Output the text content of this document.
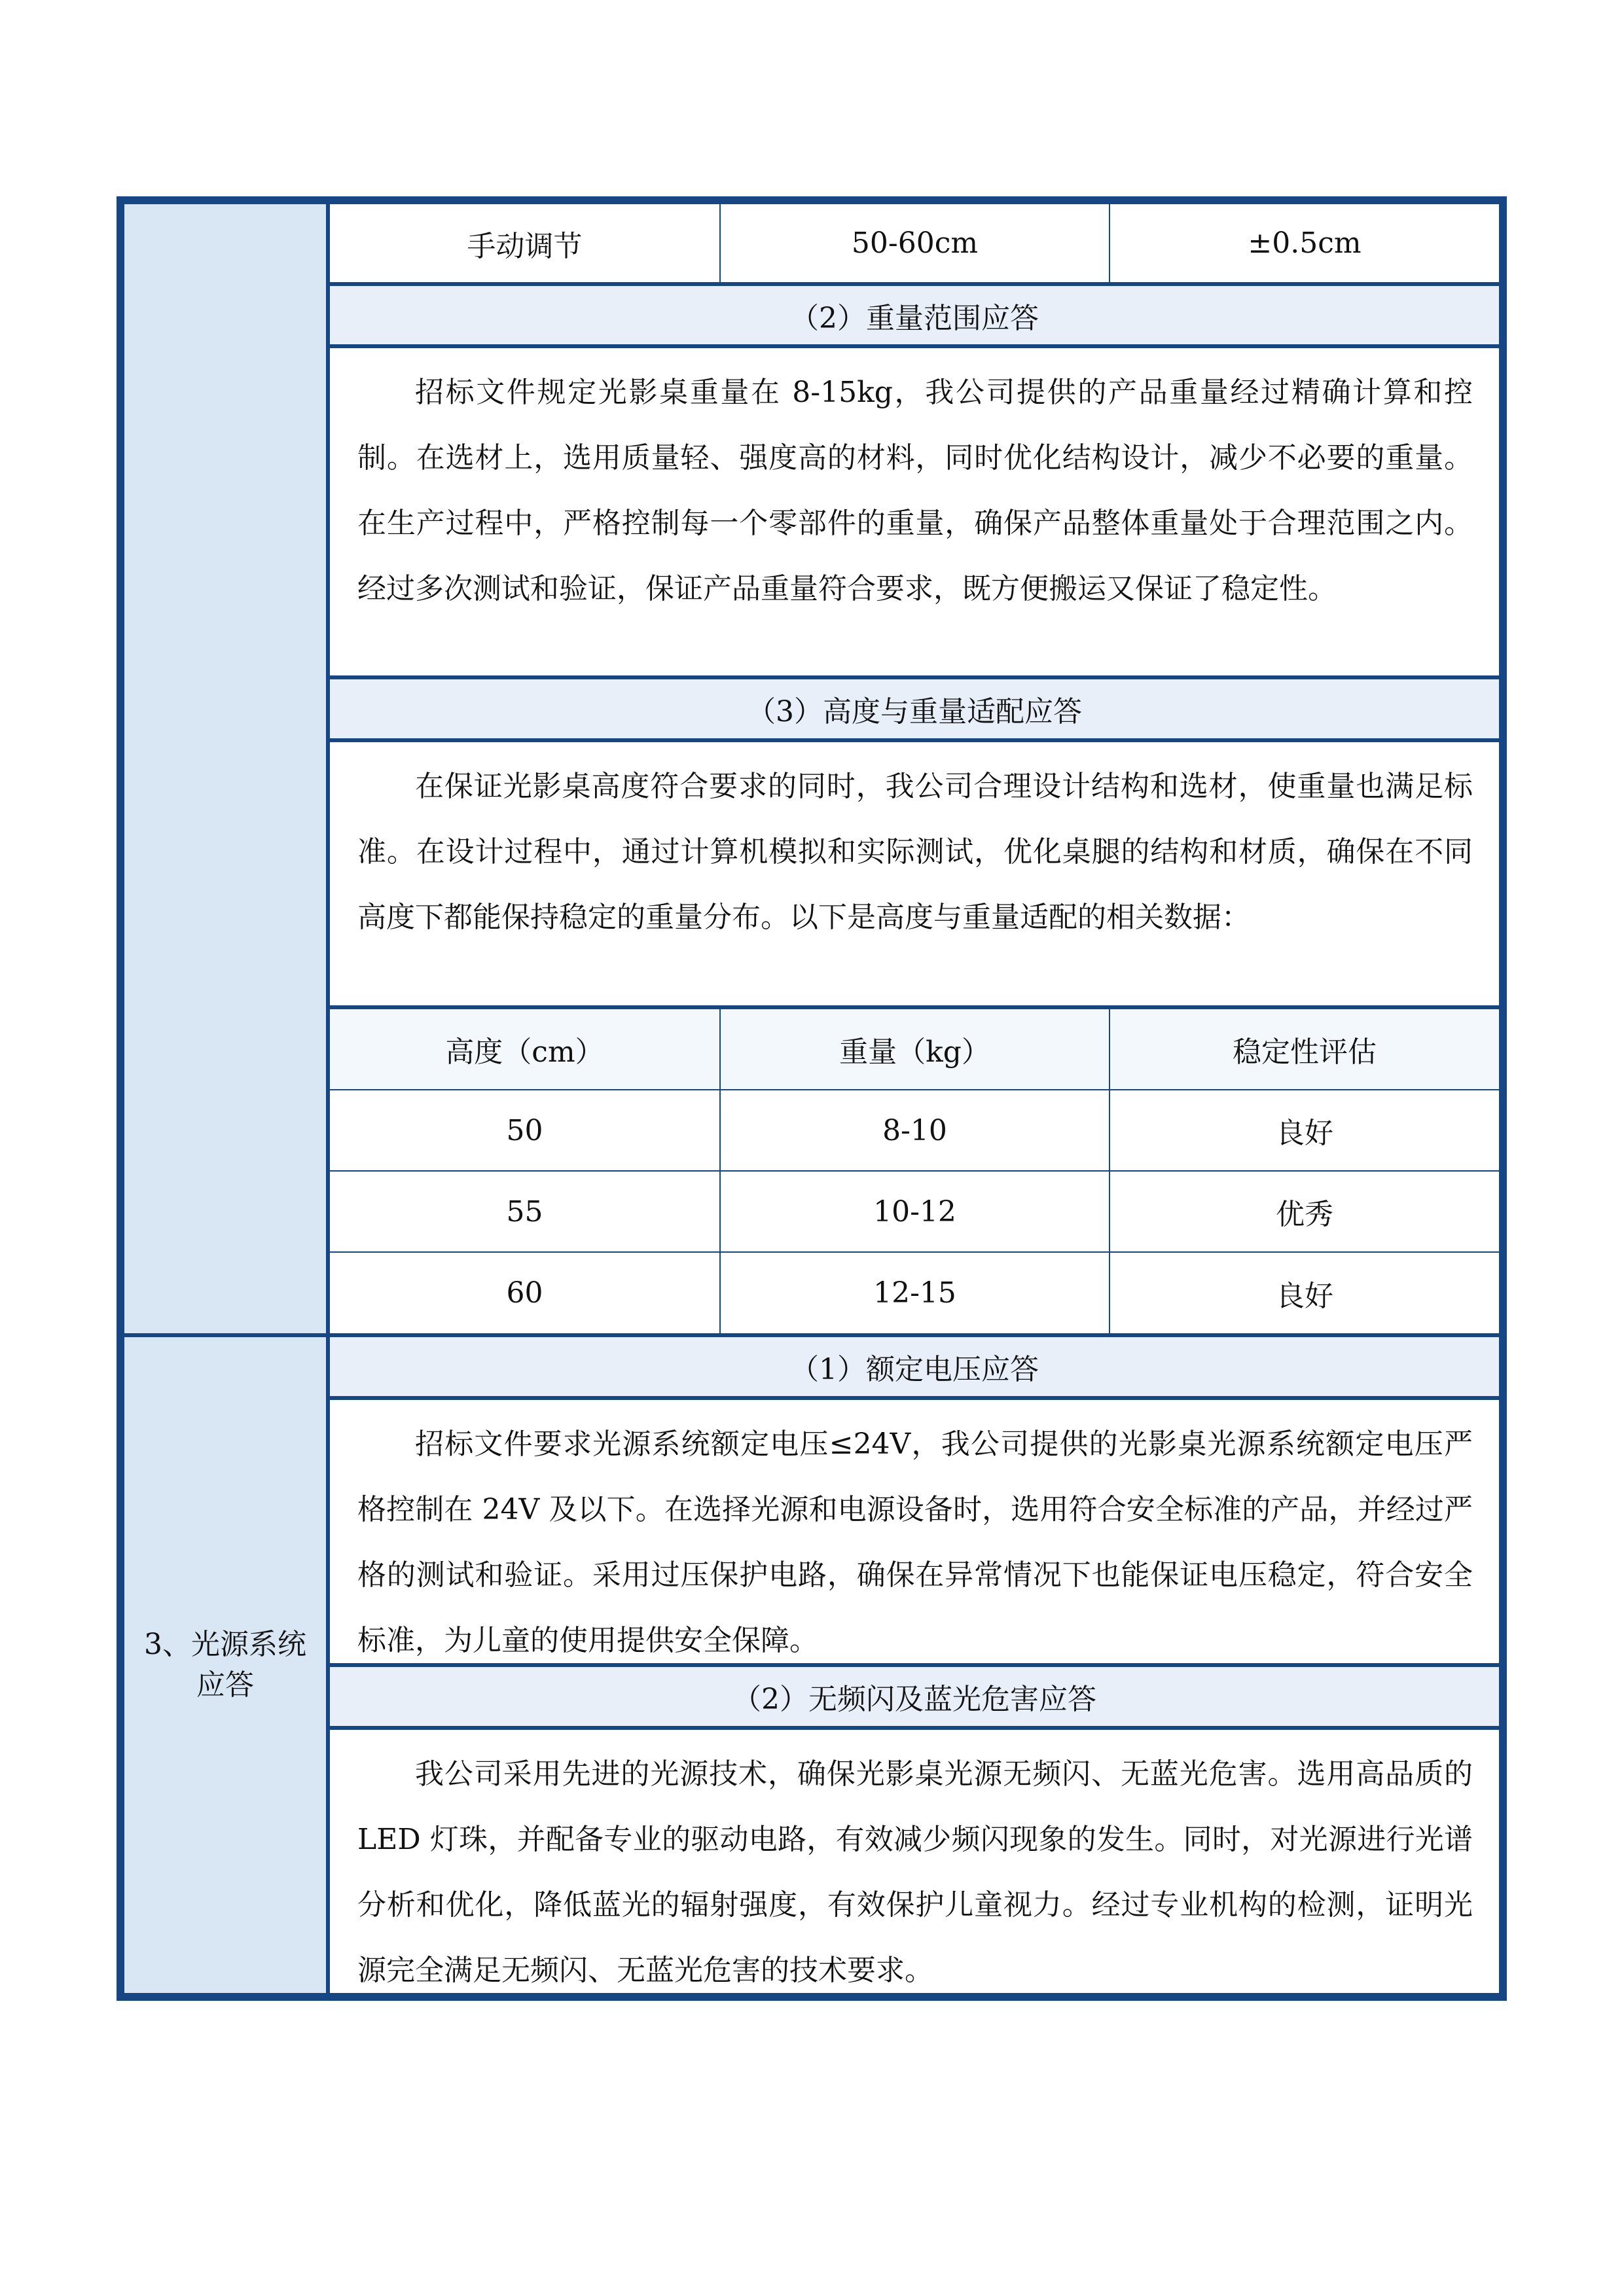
手动调节	50-60cm	±0.5cm
（2）重量范围应答

招标文件规定光影桌重量在 8-15kg，我公司提供的产品重量经过精确计算和控制。在选材上，选用质量轻、强度高的材料，同时优化结构设计，减少不必要的重量。在生产过程中，严格控制每一个零部件的重量，确保产品整体重量处于合理范围之内。经过多次测试和验证，保证产品重量符合要求，既方便搬运又保证了稳定性。

（3）高度与重量适配应答

在保证光影桌高度符合要求的同时，我公司合理设计结构和选材，使重量也满足标准。在设计过程中，通过计算机模拟和实际测试，优化桌腿的结构和材质，确保在不同高度下都能保持稳定的重量分布。以下是高度与重量适配的相关数据：

高度（cm）	重量（kg）	稳定性评估
50	8-10	良好
55	10-12	优秀
60	12-15	良好
3、光源系统应答
（1）额定电压应答

招标文件要求光源系统额定电压≤24V，我公司提供的光影桌光源系统额定电压严格控制在 24V 及以下。在选择光源和电源设备时，选用符合安全标准的产品，并经过严格的测试和验证。采用过压保护电路，确保在异常情况下也能保证电压稳定，符合安全标准，为儿童的使用提供安全保障。

（2）无频闪及蓝光危害应答

我公司采用先进的光源技术，确保光影桌光源无频闪、无蓝光危害。选用高品质的 LED 灯珠，并配备专业的驱动电路，有效减少频闪现象的发生。同时，对光源进行光谱分析和优化，降低蓝光的辐射强度，有效保护儿童视力。经过专业机构的检测，证明光源完全满足无频闪、无蓝光危害的技术要求。
